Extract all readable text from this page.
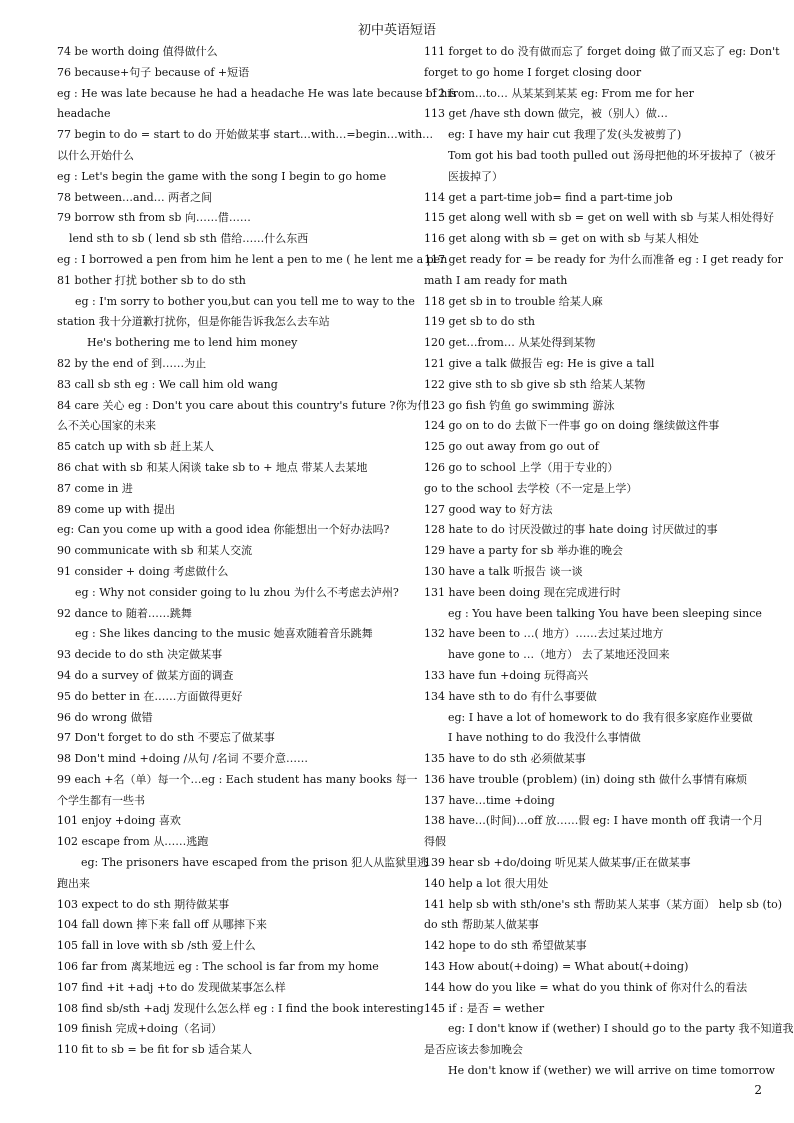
初中英语短语
74 be worth doing 值得做什么
76 because+句子 because of +短语
eg : He was late because he had a headache He was late because of his
headache
77 begin to do = start to do 开始做某事 start…with…=begin…with…
以什么开始什么
eg : Let's begin the game with the song I begin to go home
78 between…and… 两者之间
79 borrow sth from sb 向……借……
lend sth to sb ( lend sb sth 借给……什么东西
eg : I borrowed a pen from him he lent a pen to me ( he lent me a pen
81 bother 打扰 bother sb to do sth
eg : I'm sorry to bother you,but can you tell me to way to the
station 我十分道歉打扰你，但是你能告诉我怎么去车站
He's bothering me to lend him money
82 by the end of 到……为止
83 call sb sth eg : We call him old wang
84 care 关心 eg : Don't you care about this country's future ?你为什
么不关心国家的未来
85 catch up with sb 赶上某人
86 chat with sb 和某人闲谈 take sb to + 地点 带某人去某地
87 come in 进
89 come up with 提出
eg: Can you come up with a good idea 你能想出一个好办法吗?
90 communicate with sb 和某人交流
91 consider + doing 考虑做什么
eg : Why not consider going to lu zhou 为什么不考虑去泸州?
92 dance to 随着……跳舞
eg : She likes dancing to the music 她喜欢随着音乐跳舞
93 decide to do sth 决定做某事
94 do a survey of 做某方面的调查
95 do better in 在……方面做得更好
96 do wrong 做错
97 Don't forget to do sth 不要忘了做某事
98 Don't mind +doing /从句 /名词 不要介意……
99 each +名（单）每一个…eg : Each student has many books 每一
个学生都有一些书
101 enjoy +doing 喜欢
102 escape from 从……逃跑
eg: The prisoners have escaped from the prison 犯人从监狱里逃
跑出来
103 expect to do sth 期待做某事
104 fall down 摔下来 fall off 从哪摔下来
105 fall in love with sb /sth 爱上什么
106 far from 离某地远 eg : The school is far from my home
107 find +it +adj +to do 发现做某事怎么样
108 find sb/sth +adj 发现什么怎么样 eg : I find the book interesting
109 finish 完成+doing（名词）
110 fit to sb = be fit for sb 适合某人
111 forget to do 没有做而忘了 forget doing 做了而又忘了 eg: Don't
forget to go home I forget closing door
112 from…to… 从某某到某某 eg: From me for her
113 get /have sth down 做完，被（别人）做…
eg: I have my hair cut 我理了发(头发被剪了)
Tom got his bad tooth pulled out 汤母把他的坏牙拔掉了（被牙
医拔掉了）
114 get a part-time job= find a part-time job
115 get along well with sb = get on well with sb 与某人相处得好
116 get along with sb = get on with sb 与某人相处
117 get ready for = be ready for 为什么而准备 eg : I get ready for
math I am ready for math
118 get sb in to trouble 给某人麻
119 get sb to do sth
120 get…from… 从某处得到某物
121 give a talk 做报告 eg: He is give a tall
122 give sth to sb give sb sth 给某人某物
123 go fish 钓鱼 go swimming 游泳
124 go on to do 去做下一件事 go on doing 继续做这件事
125 go out away from go out of
126 go to school 上学（用于专业的）
go to the school 去学校（不一定是上学）
127 good way to 好方法
128 hate to do 讨厌没做过的事 hate doing 讨厌做过的事
129 have a party for sb 举办谁的晚会
130 have a talk 听报告 谈一谈
131 have been doing 现在完成进行时
eg : You have been talking You have been sleeping since
132 have been to …( 地方）……去过某过地方
have gone to …（地方） 去了某地还没回来
133 have fun +doing 玩得高兴
134 have sth to do 有什么事要做
eg: I have a lot of homework to do 我有很多家庭作业要做
I have nothing to do 我没什么事情做
135 have to do sth 必须做某事
136 have trouble (problem) (in) doing sth 做什么事情有麻烦
137 have…time +doing
138 have…(时间)…off 放……假 eg: I have month off 我请一个月
得假
139 hear sb +do/doing 听见某人做某事/正在做某事
140 help a lot 很大用处
141 help sb with sth/one's sth 帮助某人某事（某方面） help sb (to)
do sth 帮助某人做某事
142 hope to do sth 希望做某事
143 How about(+doing) = What about(+doing)
144 how do you like = what do you think of 你对什么的看法
145 if : 是否 = wether
eg: I don't know if (wether) I should go to the party 我不知道我
是否应该去参加晚会
He don't know if (wether) we will arrive on time tomorrow
2
